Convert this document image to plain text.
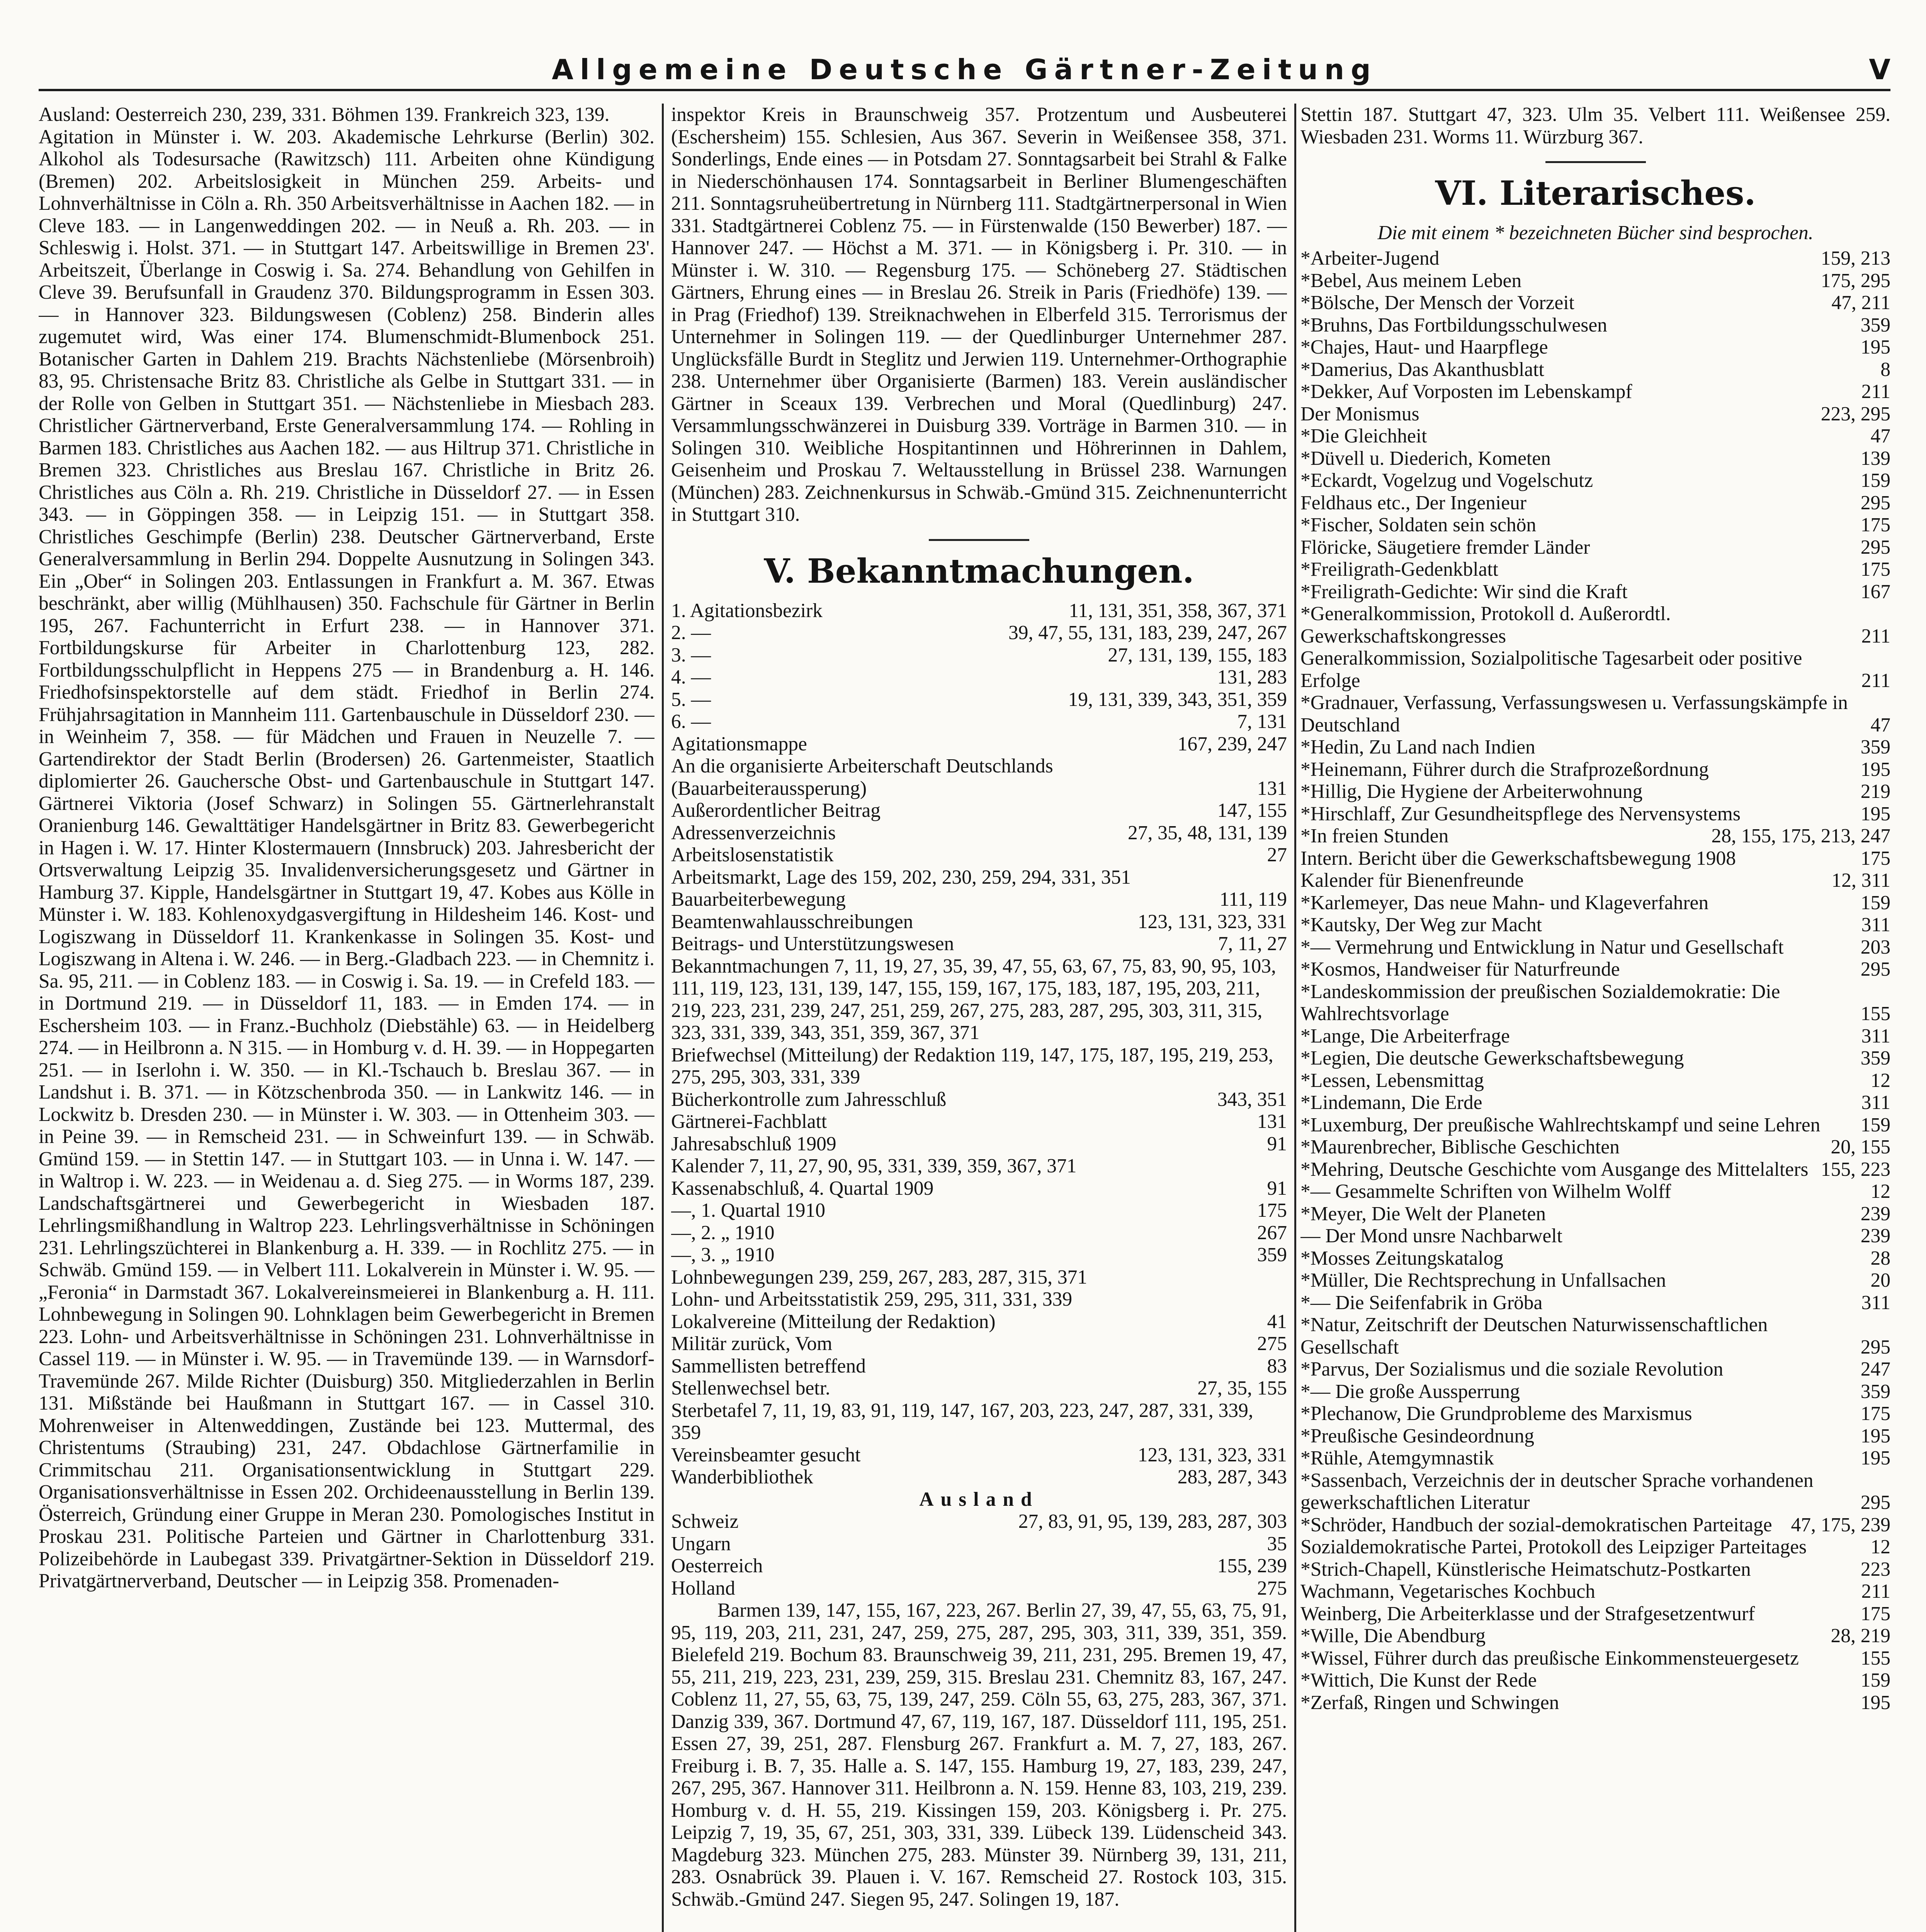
Allgemeine Deutsche Gärtner-Zeitung	V

Ausland: Oesterreich 230, 239, 331. Böhmen 139. Frankreich 323, 139.

Agitation in Münster i. W. 203. Akademische Lehrkurse (Berlin) 302. Alkohol als Todesursache (Rawitzsch) 111. Arbeiten ohne Kündigung (Bremen) 202. Arbeitslosigkeit in München 259. Arbeits- und Lohnverhältnisse in Cöln a. Rh. 350 Arbeitsverhältnisse in Aachen 182. — in Cleve 183. — in Langenweddingen 202. — in Neuß a. Rh. 203. — in Schleswig i. Holst. 371. — in Stuttgart 147. Arbeitswillige in Bremen 23'. Arbeitszeit, Überlange in Coswig i. Sa. 274. Behandlung von Gehilfen in Cleve 39. Berufsunfall in Graudenz 370. Bildungsprogramm in Essen 303. — in Hannover 323. Bildungswesen (Coblenz) 258. Binderin alles zugemutet wird, Was einer 174. Blumenschmidt-Blumenbock 251. Botanischer Garten in Dahlem 219. Brachts Nächstenliebe (Mörsenbroih) 83, 95. Christensache Britz 83. Christliche als Gelbe in Stuttgart 331. — in der Rolle von Gelben in Stuttgart 351. — Nächstenliebe in Miesbach 283. Christlicher Gärtnerverband, Erste Generalversammlung 174. — Rohling in Barmen 183. Christliches aus Aachen 182. — aus Hiltrup 371. Christliche in Bremen 323. Christliches aus Breslau 167. Christliche in Britz 26. Christliches aus Cöln a. Rh. 219. Christliche in Düsseldorf 27. — in Essen 343. — in Göppingen 358. — in Leipzig 151. — in Stuttgart 358. Christliches Geschimpfe (Berlin) 238. Deutscher Gärtnerverband, Erste Generalversammlung in Berlin 294. Doppelte Ausnutzung in Solingen 343. Ein „Ober“ in Solingen 203. Entlassungen in Frankfurt a. M. 367. Etwas beschränkt, aber willig (Mühlhausen) 350. Fachschule für Gärtner in Berlin 195, 267. Fachunterricht in Erfurt 238. — in Hannover 371. Fortbildungskurse für Arbeiter in Charlottenburg 123, 282. Fortbildungsschulpflicht in Heppens 275 — in Brandenburg a. H. 146. Friedhofsinspektorstelle auf dem städt. Friedhof in Berlin 274. Frühjahrsagitation in Mannheim 111. Gartenbauschule in Düsseldorf 230. — in Weinheim 7, 358. — für Mädchen und Frauen in Neuzelle 7. — Gartendirektor der Stadt Berlin (Brodersen) 26. Gartenmeister, Staatlich diplomierter 26. Gauchersche Obst- und Gartenbauschule in Stuttgart 147. Gärtnerei Viktoria (Josef Schwarz) in Solingen 55. Gärtnerlehranstalt Oranienburg 146. Gewalttätiger Handelsgärtner in Britz 83. Gewerbegericht in Hagen i. W. 17. Hinter Klostermauern (Innsbruck) 203. Jahresbericht der Ortsverwaltung Leipzig 35. Invalidenversicherungsgesetz und Gärtner in Hamburg 37. Kipple, Handelsgärtner in Stuttgart 19, 47. Kobes aus Kölle in Münster i. W. 183. Kohlenoxydgasvergiftung in Hildesheim 146. Kost- und Logiszwang in Düsseldorf 11. Krankenkasse in Solingen 35. Kost- und Logiszwang in Altena i. W. 246. — in Berg.-Gladbach 223. — in Chemnitz i. Sa. 95, 211. — in Coblenz 183. — in Coswig i. Sa. 19. — in Crefeld 183. — in Dortmund 219. — in Düsseldorf 11, 183. — in Emden 174. — in Eschersheim 103. — in Franz.-Buchholz (Diebstähle) 63. — in Heidelberg 274. — in Heilbronn a. N 315. — in Homburg v. d. H. 39. — in Hoppegarten 251. — in Iserlohn i. W. 350. — in Kl.-Tschauch b. Breslau 367. — in Landshut i. B. 371. — in Kötzschenbroda 350. — in Lankwitz 146. — in Lockwitz b. Dresden 230. — in Münster i. W. 303. — in Ottenheim 303. — in Peine 39. — in Remscheid 231. — in Schweinfurt 139. — in Schwäb. Gmünd 159. — in Stettin 147. — in Stuttgart 103. — in Unna i. W. 147. — in Waltrop i. W. 223. — in Weidenau a. d. Sieg 275. — in Worms 187, 239. Landschaftsgärtnerei und Gewerbegericht in Wiesbaden 187. Lehrlingsmißhandlung in Waltrop 223. Lehrlingsverhältnisse in Schöningen 231. Lehrlingszüchterei in Blankenburg a. H. 339. — in Rochlitz 275. — in Schwäb. Gmünd 159. — in Velbert 111. Lokalverein in Münster i. W. 95. — „Feronia“ in Darmstadt 367. Lokalvereinsmeierei in Blankenburg a. H. 111. Lohnbewegung in Solingen 90. Lohnklagen beim Gewerbegericht in Bremen 223. Lohn- und Arbeitsverhältnisse in Schöningen 231. Lohnverhältnisse in Cassel 119. — in Münster i. W. 95. — in Travemünde 139. — in Warnsdorf-Travemünde 267. Milde Richter (Duisburg) 350. Mitgliederzahlen in Berlin 131. Mißstände bei Haußmann in Stuttgart 167. — in Cassel 310. Mohrenweiser in Altenweddingen, Zustände bei 123. Muttermal, des Christentums (Straubing) 231, 247. Obdachlose Gärtnerfamilie in Crimmitschau 211. Organisationsentwicklung in Stuttgart 229. Organisationsverhältnisse in Essen 202. Orchideenausstellung in Berlin 139. Österreich, Gründung einer Gruppe in Meran 230. Pomologisches Institut in Proskau 231. Politische Parteien und Gärtner in Charlottenburg 331. Polizeibehörde in Laubegast 339. Privatgärtner-Sektion in Düsseldorf 219. Privatgärtnerverband, Deutscher — in Leipzig 358. Promenaden-

inspektor Kreis in Braunschweig 357. Protzentum und Ausbeuterei (Eschersheim) 155. Schlesien, Aus 367. Severin in Weißensee 358, 371. Sonderlings, Ende eines — in Potsdam 27. Sonntagsarbeit bei Strahl & Falke in Niederschönhausen 174. Sonntagsarbeit in Berliner Blumengeschäften 211. Sonntagsruheübertretung in Nürnberg 111. Stadtgärtnerpersonal in Wien 331. Stadtgärtnerei Coblenz 75. — in Fürstenwalde (150 Bewerber) 187. — Hannover 247. — Höchst a M. 371. — in Königsberg i. Pr. 310. — in Münster i. W. 310. — Regensburg 175. — Schöneberg 27. Städtischen Gärtners, Ehrung eines — in Breslau 26. Streik in Paris (Friedhöfe) 139. — in Prag (Friedhof) 139. Streiknachwehen in Elberfeld 315. Terrorismus der Unternehmer in Solingen 119. — der Quedlinburger Unternehmer 287. Unglücksfälle Burdt in Steglitz und Jerwien 119. Unternehmer-Orthographie 238. Unternehmer über Organisierte (Barmen) 183. Verein ausländischer Gärtner in Sceaux 139. Verbrechen und Moral (Quedlinburg) 247. Versammlungsschwänzerei in Duisburg 339. Vorträge in Barmen 310. — in Solingen 310. Weibliche Hospitantinnen und Höhrerinnen in Dahlem, Geisenheim und Proskau 7. Weltausstellung in Brüssel 238. Warnungen (München) 283. Zeichnenkursus in Schwäb.-Gmünd 315. Zeichnenunterricht in Stuttgart 310.

V. Bekanntmachungen.
1. Agitationsbezirk	11, 131, 351, 358, 367, 371
2. —	39, 47, 55, 131, 183, 239, 247, 267
3. —	27, 131, 139, 155, 183
4. —	131, 283
5. —	19, 131, 339, 343, 351, 359
6. —	7, 131
Agitationsmappe	167, 239, 247
An die organisierte Arbeiterschaft Deutschlands (Bauarbeiteraussperung)	131
Außerordentlicher Beitrag	147, 155
Adressenverzeichnis	27, 35, 48, 131, 139
Arbeitslosenstatistik	27
Arbeitsmarkt, Lage des 159, 202, 230, 259, 294, 331, 351
Bauarbeiterbewegung	111, 119
Beamtenwahlausschreibungen	123, 131, 323, 331
Beitrags- und Unterstützungswesen	7, 11, 27
Bekanntmachungen 7, 11, 19, 27, 35, 39, 47, 55, 63, 67, 75, 83, 90, 95, 103, 111, 119, 123, 131, 139, 147, 155, 159, 167, 175, 183, 187, 195, 203, 211, 219, 223, 231, 239, 247, 251, 259, 267, 275, 283, 287, 295, 303, 311, 315, 323, 331, 339, 343, 351, 359, 367, 371
Briefwechsel (Mitteilung) der Redaktion 119, 147, 175, 187, 195, 219, 253, 275, 295, 303, 331, 339
Bücherkontrolle zum Jahresschluß	343, 351
Gärtnerei-Fachblatt	131
Jahresabschluß 1909	91
Kalender 7, 11, 27, 90, 95, 331, 339, 359, 367, 371
Kassenabschluß, 4. Quartal 1909	91
—, 1. Quartal 1910	175
—, 2. „ 1910	267
—, 3. „ 1910	359
Lohnbewegungen 239, 259, 267, 283, 287, 315, 371
Lohn- und Arbeitsstatistik 259, 295, 311, 331, 339
Lokalvereine (Mitteilung der Redaktion)	41
Militär zurück, Vom	275
Sammellisten betreffend	83
Stellenwechsel betr.	27, 35, 155
Sterbetafel 7, 11, 19, 83, 91, 119, 147, 167, 203, 223, 247, 287, 331, 339, 359
Vereinsbeamter gesucht	123, 131, 323, 331
Wanderbibliothek	283, 287, 343
Ausland
Schweiz	27, 83, 91, 95, 139, 283, 287, 303
Ungarn	35
Oesterreich	155, 239
Holland	275

Barmen 139, 147, 155, 167, 223, 267. Berlin 27, 39, 47, 55, 63, 75, 91, 95, 119, 203, 211, 231, 247, 259, 275, 287, 295, 303, 311, 339, 351, 359. Bielefeld 219. Bochum 83. Braunschweig 39, 211, 231, 295. Bremen 19, 47, 55, 211, 219, 223, 231, 239, 259, 315. Breslau 231. Chemnitz 83, 167, 247. Coblenz 11, 27, 55, 63, 75, 139, 247, 259. Cöln 55, 63, 275, 283, 367, 371. Danzig 339, 367. Dortmund 47, 67, 119, 167, 187. Düsseldorf 111, 195, 251. Essen 27, 39, 251, 287. Flensburg 267. Frankfurt a. M. 7, 27, 183, 267. Freiburg i. B. 7, 35. Halle a. S. 147, 155. Hamburg 19, 27, 183, 239, 247, 267, 295, 367. Hannover 311. Heilbronn a. N. 159. Henne 83, 103, 219, 239. Homburg v. d. H. 55, 219. Kissingen 159, 203. Königsberg i. Pr. 275. Leipzig 7, 19, 35, 67, 251, 303, 331, 339. Lübeck 139. Lüdenscheid 343. Magdeburg 323. München 275, 283. Münster 39. Nürnberg 39, 131, 211, 283. Osnabrück 39. Plauen i. V. 167. Remscheid 27. Rostock 103, 315. Schwäb.-Gmünd 247. Siegen 95, 247. Solingen 19, 187.

Stettin 187. Stuttgart 47, 323. Ulm 35. Velbert 111. Weißensee 259. Wiesbaden 231. Worms 11. Würzburg 367.

VI. Literarisches.
Die mit einem * bezeichneten Bücher sind besprochen.
*Arbeiter-Jugend	159, 213
*Bebel, Aus meinem Leben	175, 295
*Bölsche, Der Mensch der Vorzeit	47, 211
*Bruhns, Das Fortbildungsschulwesen	359
*Chajes, Haut- und Haarpflege	195
*Damerius, Das Akanthusblatt	8
*Dekker, Auf Vorposten im Lebenskampf	211
Der Monismus	223, 295
*Die Gleichheit	47
*Düvell u. Diederich, Kometen	139
*Eckardt, Vogelzug und Vogelschutz	159
Feldhaus etc., Der Ingenieur	295
*Fischer, Soldaten sein schön	175
Flöricke, Säugetiere fremder Länder	295
*Freiligrath-Gedenkblatt	175
*Freiligrath-Gedichte: Wir sind die Kraft	167
*Generalkommission, Protokoll d. Außerordtl. Gewerkschaftskongresses	211
Generalkommission, Sozialpolitische Tagesarbeit oder positive Erfolge	211
*Gradnauer, Verfassung, Verfassungswesen u. Verfassungskämpfe in Deutschland	47
*Hedin, Zu Land nach Indien	359
*Heinemann, Führer durch die Strafprozeßordnung	195
*Hillig, Die Hygiene der Arbeiterwohnung	219
*Hirschlaff, Zur Gesundheitspflege des Nervensystems	195
*In freien Stunden	28, 155, 175, 213, 247
Intern. Bericht über die Gewerkschaftsbewegung 1908	175
Kalender für Bienenfreunde	12, 311
*Karlemeyer, Das neue Mahn- und Klageverfahren	159
*Kautsky, Der Weg zur Macht	311
*— Vermehrung und Entwicklung in Natur und Gesellschaft	203
*Kosmos, Handweiser für Naturfreunde	295
*Landeskommission der preußischen Sozialdemokratie: Die Wahlrechtsvorlage	155
*Lange, Die Arbeiterfrage	311
*Legien, Die deutsche Gewerkschaftsbewegung	359
*Lessen, Lebensmittag	12
*Lindemann, Die Erde	311
*Luxemburg, Der preußische Wahlrechtskampf und seine Lehren	159
*Maurenbrecher, Biblische Geschichten	20, 155
*Mehring, Deutsche Geschichte vom Ausgange des Mittelalters 155, 223
*— Gesammelte Schriften von Wilhelm Wolff	12
*Meyer, Die Welt der Planeten	239
— Der Mond unsre Nachbarwelt	239
*Mosses Zeitungskatalog	28
*Müller, Die Rechtsprechung in Unfallsachen	20
*— Die Seifenfabrik in Gröba	311
*Natur, Zeitschrift der Deutschen Naturwissenschaftlichen Gesellschaft	295
*Parvus, Der Sozialismus und die soziale Revolution	247
*— Die große Aussperrung	359
*Plechanow, Die Grundprobleme des Marxismus	175
*Preußische Gesindeordnung	195
*Rühle, Atemgymnastik	195
*Sassenbach, Verzeichnis der in deutscher Sprache vorhandenen gewerkschaftlichen Literatur	295
*Schröder, Handbuch der sozial-demokratischen Parteitage 47, 175, 239
Sozialdemokratische Partei, Protokoll des Leipziger Parteitages	12
*Strich-Chapell, Künstlerische Heimatschutz-Postkarten	223
Wachmann, Vegetarisches Kochbuch	211
Weinberg, Die Arbeiterklasse und der Strafgesetzentwurf	175
*Wille, Die Abendburg	28, 219
*Wissel, Führer durch das preußische Einkommensteuergesetz	155
*Wittich, Die Kunst der Rede	159
*Zerfaß, Ringen und Schwingen	195
